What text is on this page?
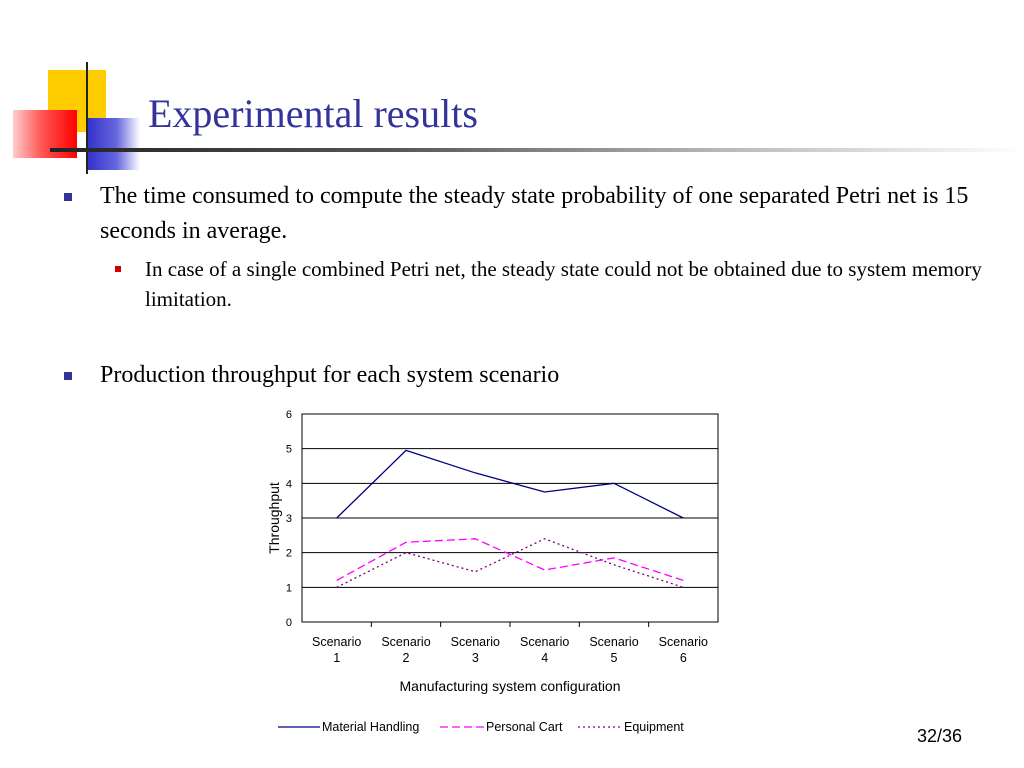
Experimental results
The time consumed to compute the steady state probability of one separated Petri net is 15 seconds in average.
In case of a single combined Petri net, the steady state could not be obtained due to system memory limitation.
Production throughput for each system scenario
0
1
2
3
4
5
6
Scenario
1
Scenario
2
Scenario
3
Scenario
4
Scenario
5
Scenario
6
Manufacturing system configuration
Throughput
Material Handling	Personal Cart	Equipment	32/36
